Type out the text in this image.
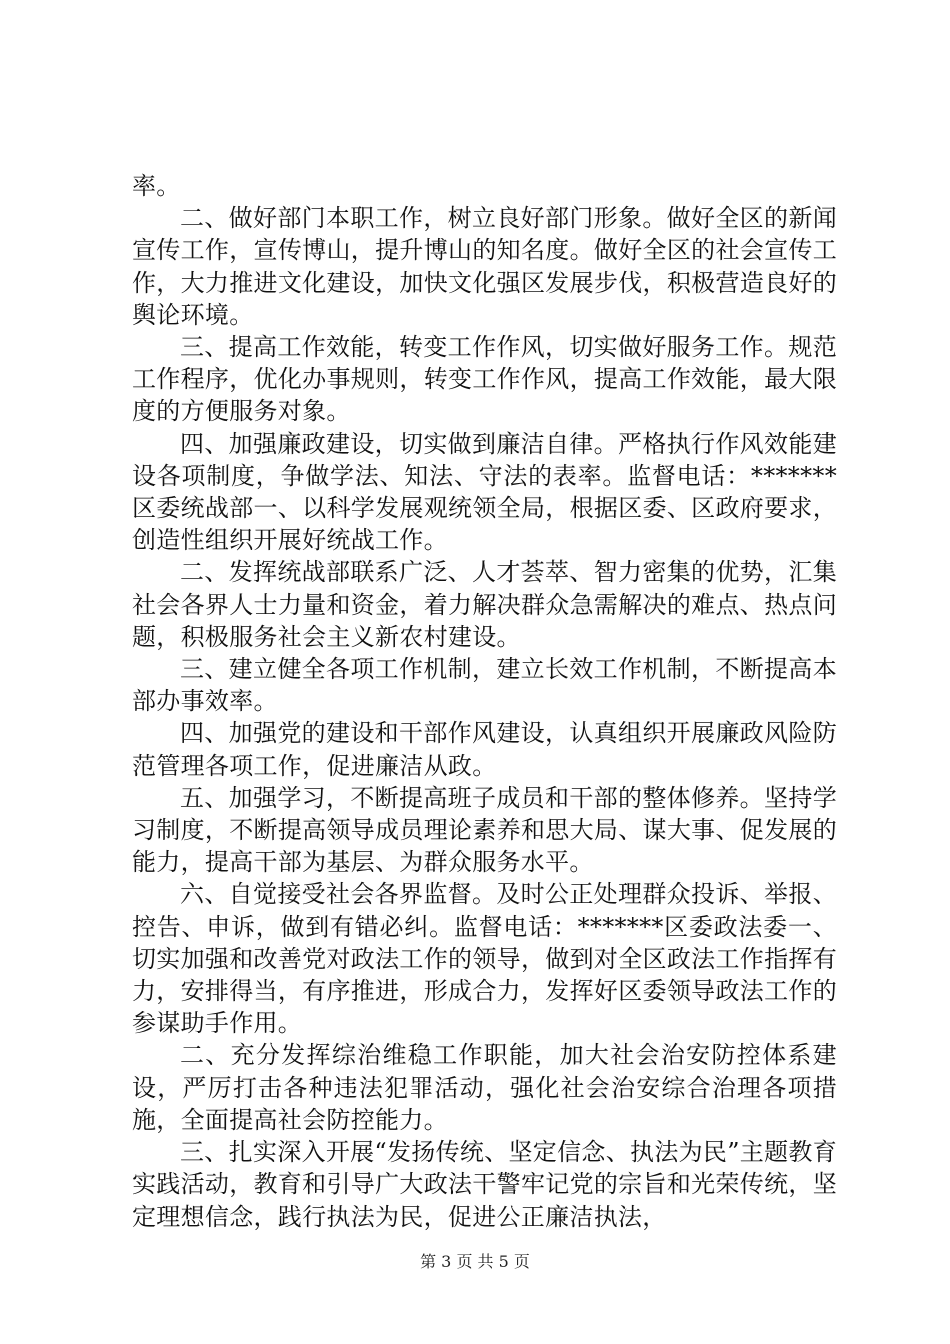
率。

二、做好部门本职工作，树立良好部门形象。做好全区的新闻宣传工作，宣传博山，提升博山的知名度。做好全区的社会宣传工作，大力推进文化建设，加快文化强区发展步伐，积极营造良好的舆论环境。

三、提高工作效能，转变工作作风，切实做好服务工作。规范工作程序，优化办事规则，转变工作作风，提高工作效能，最大限度的方便服务对象。

四、加强廉政建设，切实做到廉洁自律。严格执行作风效能建设各项制度，争做学法、知法、守法的表率。监督电话：*******区委统战部一、以科学发展观统领全局，根据区委、区政府要求，创造性组织开展好统战工作。

二、发挥统战部联系广泛、人才荟萃、智力密集的优势，汇集社会各界人士力量和资金，着力解决群众急需解决的难点、热点问题，积极服务社会主义新农村建设。

三、建立健全各项工作机制，建立长效工作机制，不断提高本部办事效率。

四、加强党的建设和干部作风建设，认真组织开展廉政风险防范管理各项工作，促进廉洁从政。

五、加强学习，不断提高班子成员和干部的整体修养。坚持学习制度，不断提高领导成员理论素养和思大局、谋大事、促发展的能力，提高干部为基层、为群众服务水平。

六、自觉接受社会各界监督。及时公正处理群众投诉、举报、控告、申诉，做到有错必纠。监督电话：*******区委政法委一、切实加强和改善党对政法工作的领导，做到对全区政法工作指挥有力，安排得当，有序推进，形成合力，发挥好区委领导政法工作的参谋助手作用。

二、充分发挥综治维稳工作职能，加大社会治安防控体系建设，严厉打击各种违法犯罪活动，强化社会治安综合治理各项措施，全面提高社会防控能力。

三、扎实深入开展“发扬传统、坚定信念、执法为民”主题教育实践活动，教育和引导广大政法干警牢记党的宗旨和光荣传统，坚定理想信念，践行执法为民，促进公正廉洁执法，

第 3 页 共 5 页
